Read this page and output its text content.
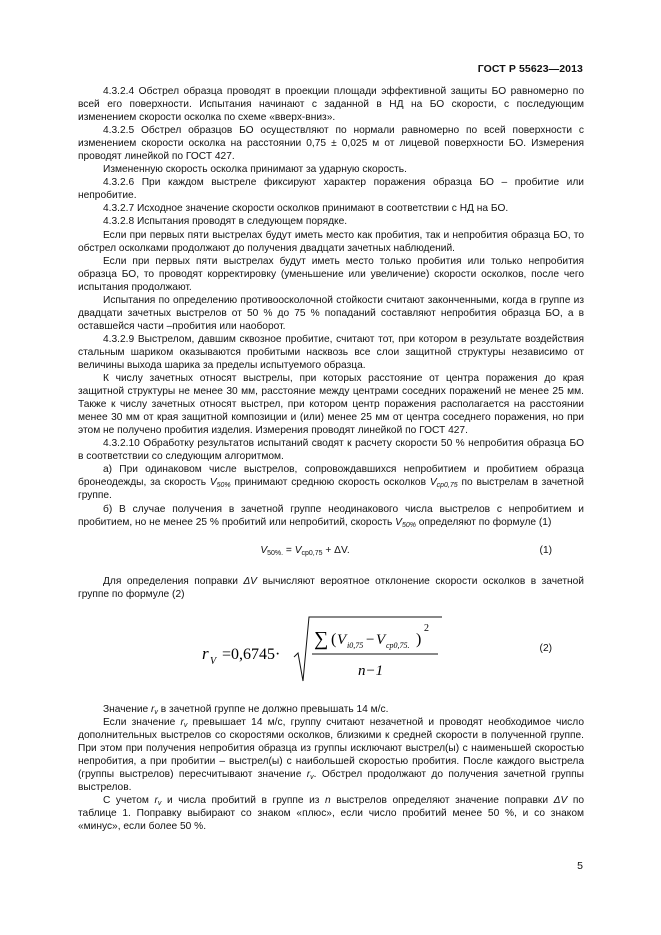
ГОСТ Р 55623—2013

4.3.2.4 Обстрел образца проводят в проекции площади эффективной защиты БО равномерно по всей его поверхности. Испытания начинают с заданной в НД на БО скорости, с последующим изменением скорости осколка по схеме «вверх-вниз».

4.3.2.5 Обстрел образцов БО осуществляют по нормали равномерно по всей поверхности с изменением скорости осколка на расстоянии 0,75 ± 0,025 м от лицевой поверхности БО. Измерения проводят линейкой по ГОСТ 427.

Измененную скорость осколка принимают за ударную скорость.

4.3.2.6 При каждом выстреле фиксируют характер поражения образца БО – пробитие или непробитие.

4.3.2.7 Исходное значение скорости осколков принимают в соответствии с НД на БО.

4.3.2.8 Испытания проводят в следующем порядке.

Если при первых пяти выстрелах будут иметь место как пробития, так и непробития образца БО, то обстрел осколками продолжают до получения двадцати зачетных наблюдений.

Если при первых пяти выстрелах будут иметь место только пробития или только непробития образца БО, то проводят корректировку (уменьшение или увеличение) скорости осколков, после чего испытания продолжают.

Испытания по определению противоосколочной стойкости считают законченными, когда в группе из двадцати зачетных выстрелов от 50 % до 75 % попаданий составляют непробития образца БО, а в оставшейся части –пробития или наоборот.

4.3.2.9 Выстрелом, давшим сквозное пробитие, считают тот, при котором в результате воздействия стальным шариком оказываются пробитыми насквозь все слои защитной структуры независимо от величины выхода шарика за пределы испытуемого образца.

К числу зачетных относят выстрелы, при которых расстояние от центра поражения до края защитной структуры не менее 30 мм, расстояние между центрами соседних поражений не менее 25 мм. Также к числу зачетных относят выстрел, при котором центр поражения располагается на расстоянии менее 30 мм от края защитной композиции и (или) менее 25 мм от центра соседнего поражения, но при этом не получено пробития изделия. Измерения проводят линейкой по ГОСТ 427.

4.3.2.10 Обработку результатов испытаний сводят к расчету скорости 50 % непробития образца БО в соответствии со следующим алгоритмом.

а) При одинаковом числе выстрелов, сопровождавшихся непробитием и пробитием образца бронеодежды, за скорость $V_{50\%}$ принимают среднюю скорость осколков $V_{ср0,75}$ по выстрелам в зачетной группе.

б) В случае получения в зачетной группе неодинакового числа выстрелов с непробитием и пробитием, но не менее 25 % пробитий или непробитий, скорость $V_{50\%}$ определяют по формуле (1)

$V_{50\%.} = V_{ср0,75} + \Delta V$.	(1)

Для определения поправки ΔV вычисляют вероятное отклонение скорости осколков в зачетной группе по формуле (2)

r V =0,6745·
∑ ( V i0,75 − V ср0,75. )
2
n−1
(2)

Значение $r_v$ в зачетной группе не должно превышать 14 м/с.

Если значение $r_v$ превышает 14 м/с, группу считают незачетной и проводят необходимое число дополнительных выстрелов со скоростями осколков, близкими к средней скорости в полученной группе. При этом при получения непробития образца из группы исключают выстрел(ы) с наименьшей скоростью непробития, а при пробитии – выстрел(ы) с наибольшей скоростью пробития. После каждого выстрела (группы выстрелов) пересчитывают значение $r_v$. Обстрел продолжают до получения зачетной группы выстрелов.

С учетом $r_v$ и числа пробитий в группе из n выстрелов определяют значение поправки ΔV по таблице 1. Поправку выбирают со знаком «плюс», если число пробитий менее 50 %, и со знаком «минус», если более 50 %.

5
